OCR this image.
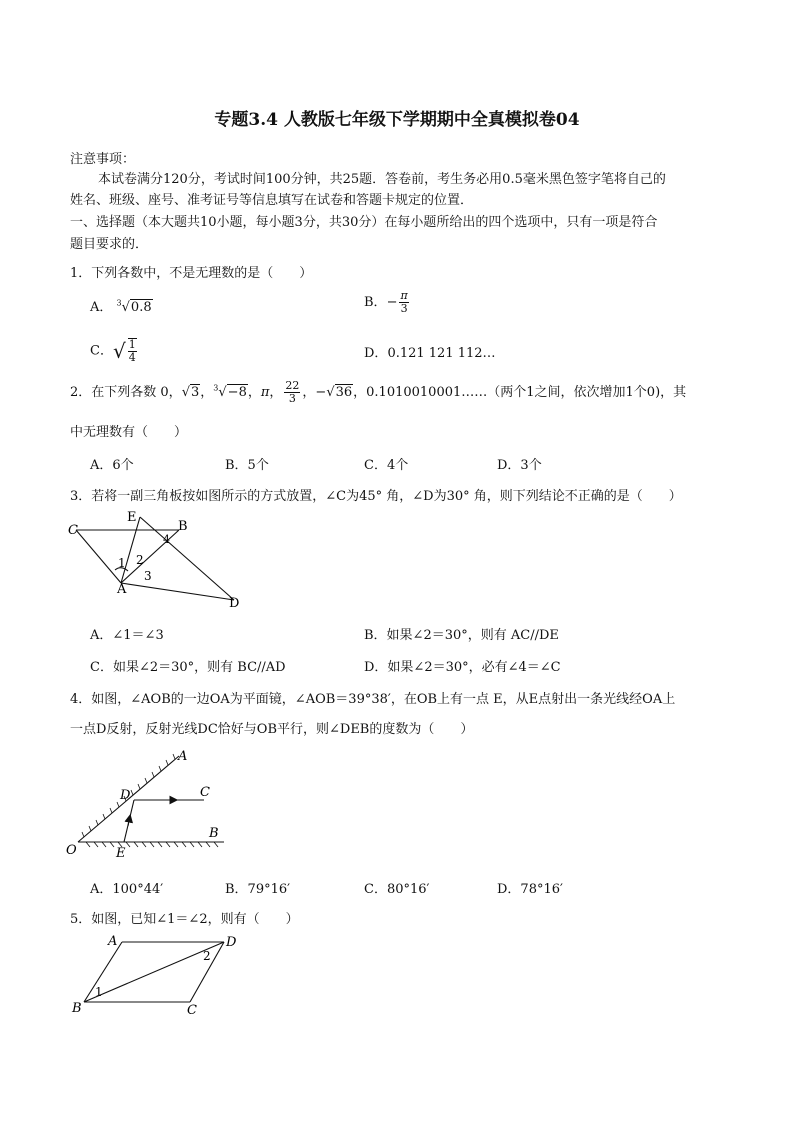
专题3.4 人教版七年级下学期期中全真模拟卷04
注意事项：
本试卷满分120分，考试时间100分钟，共25题．答卷前，考生务必用0.5毫米黑色签字笔将自己的
姓名、班级、座号、准考证号等信息填写在试卷和答题卡规定的位置．
一、选择题（本大题共10小题，每小题3分，共30分）在每小题所给出的四个选项中，只有一项是符合
题目要求的．
1．下列各数中，不是无理数的是（　　）
A． $^3$√0.8	B．− $\frac{\pi}{3}$
C．√ $\frac{1}{4}$	D．0.121 121 112…
2．在下列各数 0，√3，$^3$√−8，π， $\frac{22}{3}$ ，−√36，0.1010010001……（两个1之间，依次增加1个0)，其
中无理数有（　　）
A．6个	B．5个	C．4个	D．3个
3．若将一副三角板按如图所示的方式放置，∠C为45° 角，∠D为30° 角，则下列结论不正确的是（　　）
C
E
B
4
1 2
3
A
D
A．∠1＝∠3	B．如果∠2＝30°，则有 AC//DE
C．如果∠2＝30°，则有 BC//AD	D．如果∠2＝30°，必有∠4＝∠C
4．如图，∠AOB的一边OA为平面镜，∠AOB＝39°38′，在OB上有一点 E，从E点射出一条光线经OA上
一点D反射，反射光线DC恰好与OB平行，则∠DEB的度数为（　　）
A
D	C
B
O	E
A．100°44′	B．79°16′	C．80°16′	D．78°16′
5．如图，已知∠1＝∠2，则有（　　）
A	D
2
1
B	C
